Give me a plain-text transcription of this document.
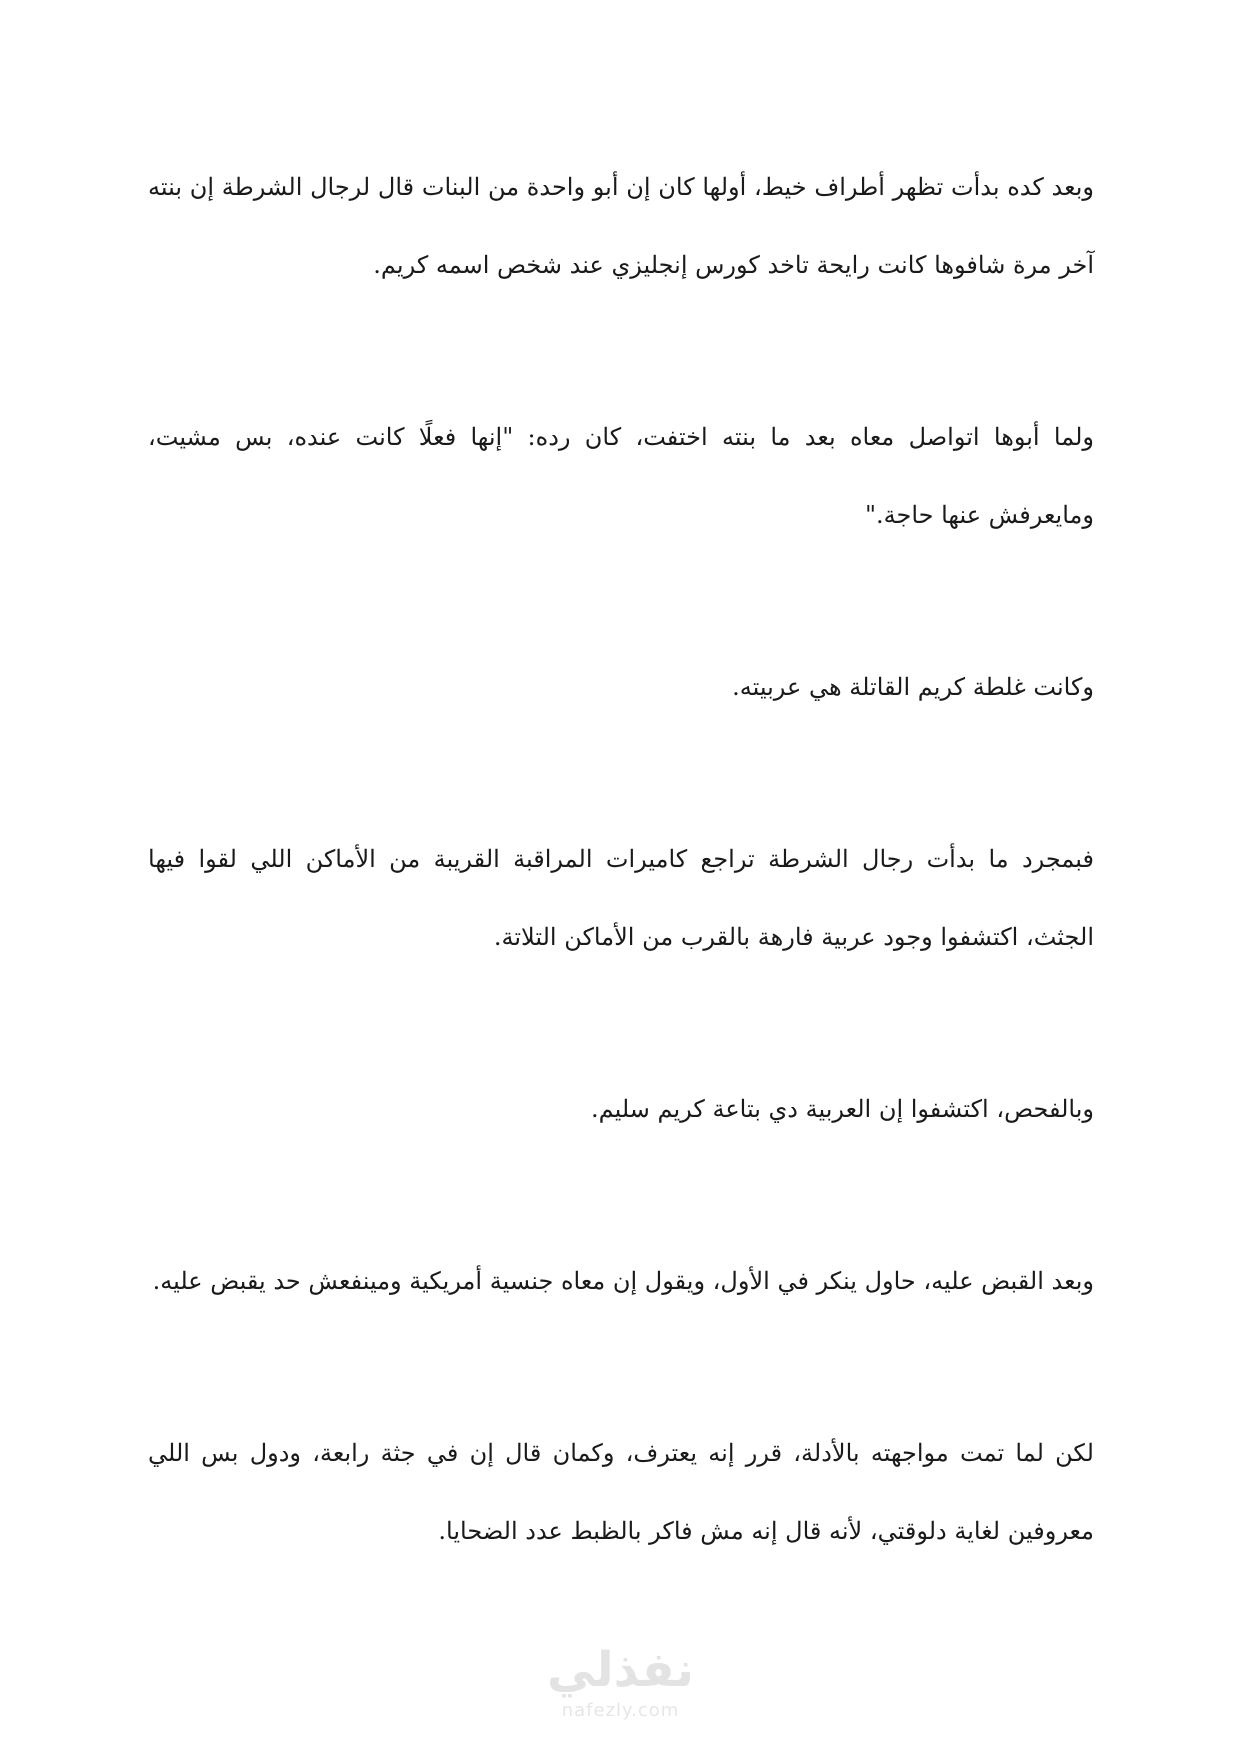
وبعد كده بدأت تظهر أطراف خيط، أولها كان إن أبو واحدة من البنات قال لرجال الشرطة إن بنته آخر مرة شافوها كانت رايحة تاخد كورس إنجليزي عند شخص اسمه كريم.

ولما أبوها اتواصل معاه بعد ما بنته اختفت، كان رده: "إنها فعلًا كانت عنده، بس مشيت، ومايعرفش عنها حاجة."

وكانت غلطة كريم القاتلة هي عربيته.

فبمجرد ما بدأت رجال الشرطة تراجع كاميرات المراقبة القريبة من الأماكن اللي لقوا فيها الجثث، اكتشفوا وجود عربية فارهة بالقرب من الأماكن التلاتة.

وبالفحص، اكتشفوا إن العربية دي بتاعة كريم سليم.

وبعد القبض عليه، حاول ينكر في الأول، ويقول إن معاه جنسية أمريكية ومينفعش حد يقبض عليه.

لكن لما تمت مواجهته بالأدلة، قرر إنه يعترف، وكمان قال إن في جثة رابعة، ودول بس اللي معروفين لغاية دلوقتي، لأنه قال إنه مش فاكر بالظبط عدد الضحايا.

نفذلي
nafezly.com
